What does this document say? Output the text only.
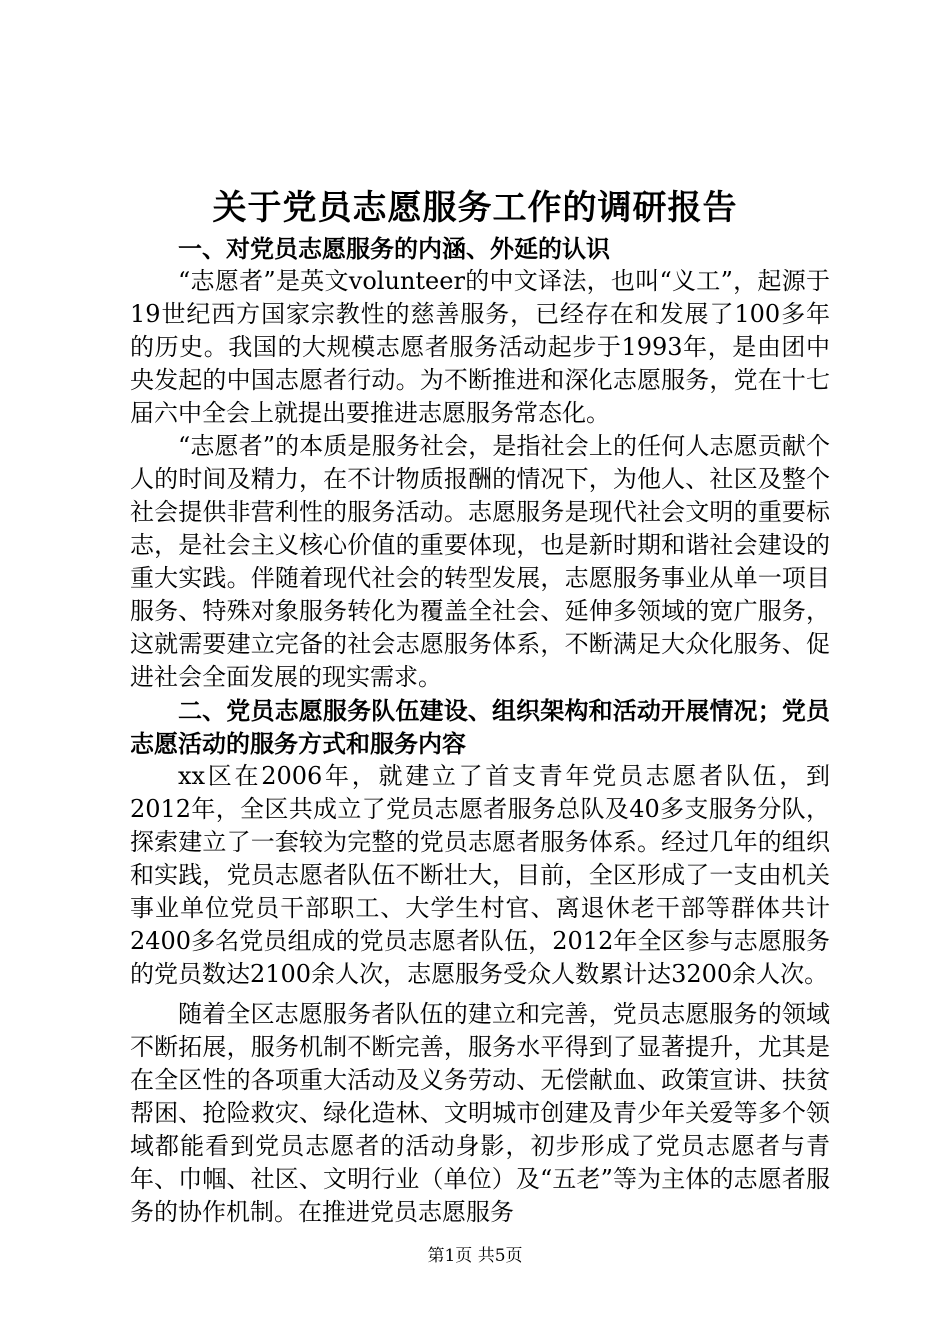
关于党员志愿服务工作的调研报告

一、对党员志愿服务的内涵、外延的认识

“志愿者”是英文volunteer的中文译法，也叫“义工”，起源于19世纪西方国家宗教性的慈善服务，已经存在和发展了100多年的历史。我国的大规模志愿者服务活动起步于1993年，是由团中央发起的中国志愿者行动。为不断推进和深化志愿服务，党在十七届六中全会上就提出要推进志愿服务常态化。

“志愿者”的本质是服务社会，是指社会上的任何人志愿贡献个人的时间及精力，在不计物质报酬的情况下，为他人、社区及整个社会提供非营利性的服务活动。志愿服务是现代社会文明的重要标志，是社会主义核心价值的重要体现，也是新时期和谐社会建设的重大实践。伴随着现代社会的转型发展，志愿服务事业从单一项目服务、特殊对象服务转化为覆盖全社会、延伸多领域的宽广服务，这就需要建立完备的社会志愿服务体系，不断满足大众化服务、促进社会全面发展的现实需求。

二、党员志愿服务队伍建设、组织架构和活动开展情况；党员志愿活动的服务方式和服务内容

xx区在2006年，就建立了首支青年党员志愿者队伍，到2012年，全区共成立了党员志愿者服务总队及40多支服务分队，探索建立了一套较为完整的党员志愿者服务体系。经过几年的组织和实践，党员志愿者队伍不断壮大，目前，全区形成了一支由机关事业单位党员干部职工、大学生村官、离退休老干部等群体共计2400多名党员组成的党员志愿者队伍，2012年全区参与志愿服务的党员数达2100余人次，志愿服务受众人数累计达3200余人次。

随着全区志愿服务者队伍的建立和完善，党员志愿服务的领域不断拓展，服务机制不断完善，服务水平得到了显著提升，尤其是在全区性的各项重大活动及义务劳动、无偿献血、政策宣讲、扶贫帮困、抢险救灾、绿化造林、文明城市创建及青少年关爱等多个领域都能看到党员志愿者的活动身影，初步形成了党员志愿者与青年、巾帼、社区、文明行业（单位）及“五老”等为主体的志愿者服务的协作机制。在推进党员志愿服务

第1页 共5页
